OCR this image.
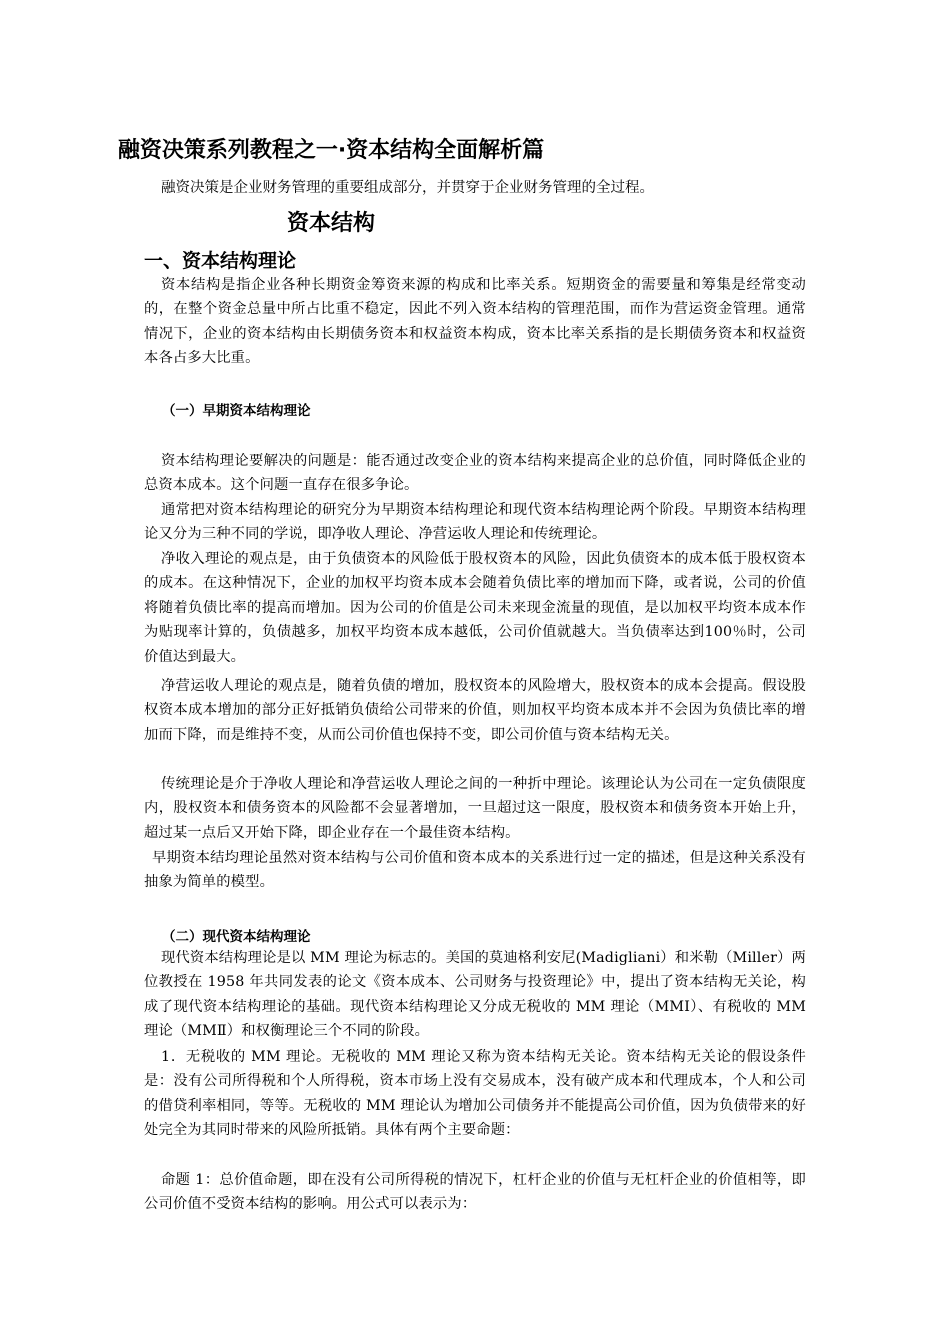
融资决策系列教程之一·资本结构全面解析篇
融资决策是企业财务管理的重要组成部分，并贯穿于企业财务管理的全过程。
一、资本结构理论
资本结构是指企业各种长期资金筹资来源的构成和比率关系。短期资金的需要量和筹集是经常变动的，在整个资金总量中所占比重不稳定，因此不列入资本结构的管理范围，而作为营运资金管理。通常情况下，企业的资本结构由长期债务资本和权益资本构成，资本比率关系指的是长期债务资本和权益资本各占多大比重。
（一）早期资本结构理论
资本结构理论要解决的问题是：能否通过改变企业的资本结构来提高企业的总价值，同时降低企业的总资本成本。这个问题一直存在很多争论。
通常把对资本结构理论的研究分为早期资本结构理论和现代资本结构理论两个阶段。早期资本结构理论又分为三种不同的学说，即净收人理论、净营运收人理论和传统理论。
净收入理论的观点是，由于负债资本的风险低于股权资本的风险，因此负债资本的成本低于股权资本的成本。在这种情况下，企业的加权平均资本成本会随着负债比率的增加而下降，或者说，公司的价值将随着负债比率的提高而增加。因为公司的价值是公司未来现金流量的现值，是以加权平均资本成本作为贴现率计算的，负债越多，加权平均资本成本越低，公司价值就越大。当负债率达到100％时，公司价值达到最大。
净营运收人理论的观点是，随着负债的增加，股权资本的风险增大，股权资本的成本会提高。假设股权资本成本增加的部分正好抵销负债给公司带来的价值，则加权平均资本成本并不会因为负债比率的增加而下降，而是维持不变，从而公司价值也保持不变，即公司价值与资本结构无关。
传统理论是介于净收人理论和净营运收人理论之间的一种折中理论。该理论认为公司在一定负债限度内，股权资本和债务资本的风险都不会显著增加，一旦超过这一限度，股权资本和债务资本开始上升，超过某一点后又开始下降，即企业存在一个最佳资本结构。
早期资本结均理论虽然对资本结构与公司价值和资本成本的关系进行过一定的描述，但是这种关系没有抽象为简单的模型。
（二）现代资本结构理论
现代资本结构理论是以 MM 理论为标志的。美国的莫迪格利安尼(Madigliani）和米勒（Miller）两位教授在 1958 年共同发表的论文《资本成本、公司财务与投资理论》中，提出了资本结构无关论，构成了现代资本结构理论的基础。现代资本结构理论又分成无税收的 MM 理论（MMI）、有税收的 MM 理论（MMⅡ）和权衡理论三个不同的阶段。
1．无税收的 MM 理论。无税收的 MM 理论又称为资本结构无关论。资本结构无关论的假设条件是：没有公司所得税和个人所得税，资本市场上没有交易成本，没有破产成本和代理成本，个人和公司的借贷利率相同，等等。无税收的 MM 理论认为增加公司债务并不能提高公司价值，因为负债带来的好处完全为其同时带来的风险所抵销。具体有两个主要命题：
命题 1：总价值命题，即在没有公司所得税的情况下，杠杆企业的价值与无杠杆企业的价值相等，即公司价值不受资本结构的影响。用公式可以表示为：
资本结构
